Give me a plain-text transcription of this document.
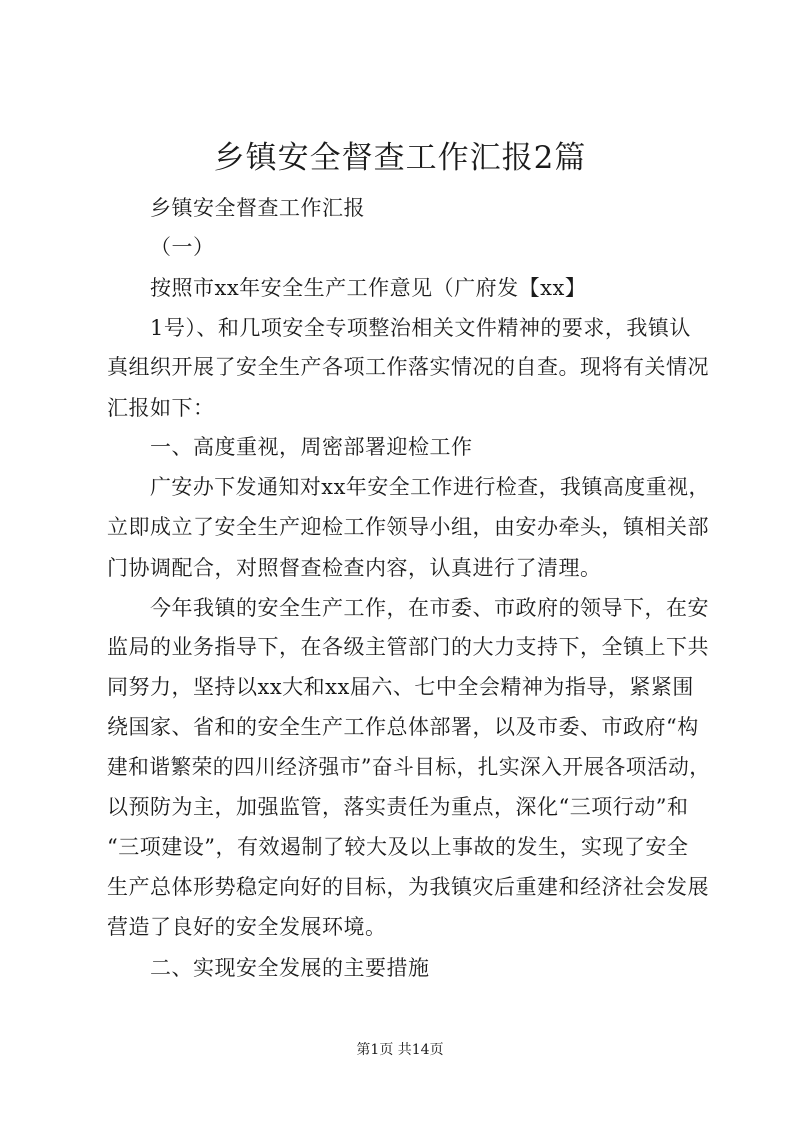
乡镇安全督查工作汇报2篇
乡镇安全督查工作汇报
（一）
按照市xx年安全生产工作意见（广府发【xx】
1号）、和几项安全专项整治相关文件精神的要求，我镇认
真组织开展了安全生产各项工作落实情况的自查。现将有关情况
汇报如下：
一、高度重视，周密部署迎检工作
广安办下发通知对xx年安全工作进行检查，我镇高度重视，
立即成立了安全生产迎检工作领导小组，由安办牵头，镇相关部
门协调配合，对照督查检查内容，认真进行了清理。
今年我镇的安全生产工作，在市委、市政府的领导下，在安
监局的业务指导下，在各级主管部门的大力支持下，全镇上下共
同努力，坚持以xx大和xx届六、七中全会精神为指导，紧紧围
绕国家、省和的安全生产工作总体部署，以及市委、市政府“构
建和谐繁荣的四川经济强市”奋斗目标，扎实深入开展各项活动，
以预防为主，加强监管，落实责任为重点，深化“三项行动”和
“三项建设”，有效遏制了较大及以上事故的发生，实现了安全
生产总体形势稳定向好的目标，为我镇灾后重建和经济社会发展
营造了良好的安全发展环境。
二、实现安全发展的主要措施
第1页 共14页
